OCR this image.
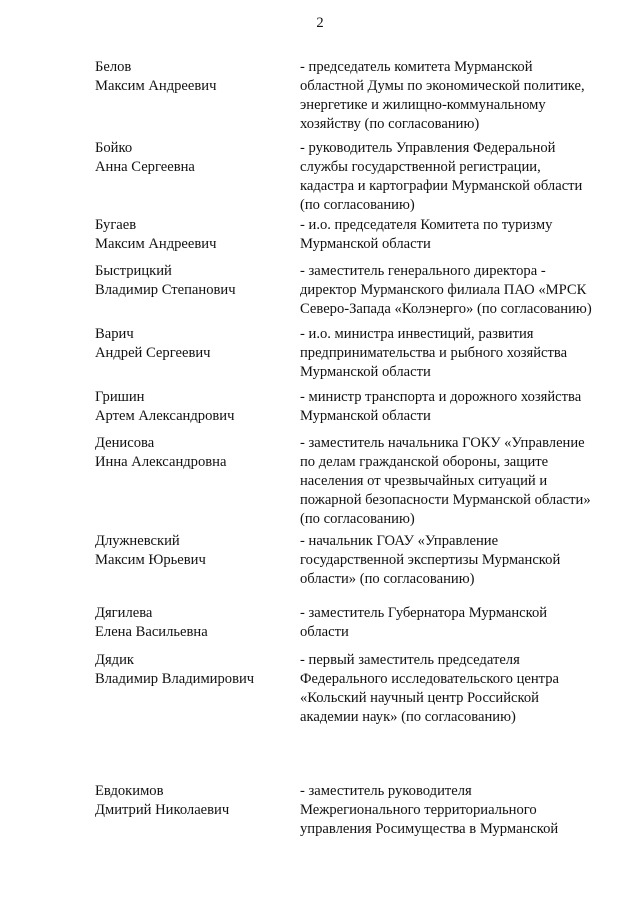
2
Белов
Максим Андреевич
- председатель комитета Мурманской
областной Думы по экономической политике,
энергетике и жилищно-коммунальному
хозяйству (по согласованию)
Бойко
Анна Сергеевна
- руководитель Управления Федеральной
службы государственной регистрации,
кадастра и картографии Мурманской области
(по согласованию)
Бугаев
Максим Андреевич
- и.о. председателя Комитета по туризму
Мурманской области
Быстрицкий
Владимир Степанович
- заместитель генерального директора -
директор Мурманского филиала ПАО «МРСК
Северо-Запада «Колэнерго» (по согласованию)
Варич
Андрей Сергеевич
- и.о. министра инвестиций, развития
предпринимательства и рыбного хозяйства
Мурманской области
Гришин
Артем Александрович
- министр транспорта и дорожного хозяйства
Мурманской области
Денисова
Инна Александровна
- заместитель начальника ГОКУ «Управление
по делам гражданской обороны, защите
населения от чрезвычайных ситуаций и
пожарной безопасности Мурманской области»
(по согласованию)
Длужневский
Максим Юрьевич
- начальник ГОАУ «Управление
государственной экспертизы Мурманской
области» (по согласованию)
Дягилева
Елена Васильевна
- заместитель Губернатора Мурманской
области
Дядик
Владимир Владимирович
- первый заместитель председателя
Федерального исследовательского центра
«Кольский научный центр Российской
академии наук» (по согласованию)
Евдокимов
Дмитрий Николаевич
- заместитель руководителя
Межрегионального территориального
управления Росимущества в Мурманской
